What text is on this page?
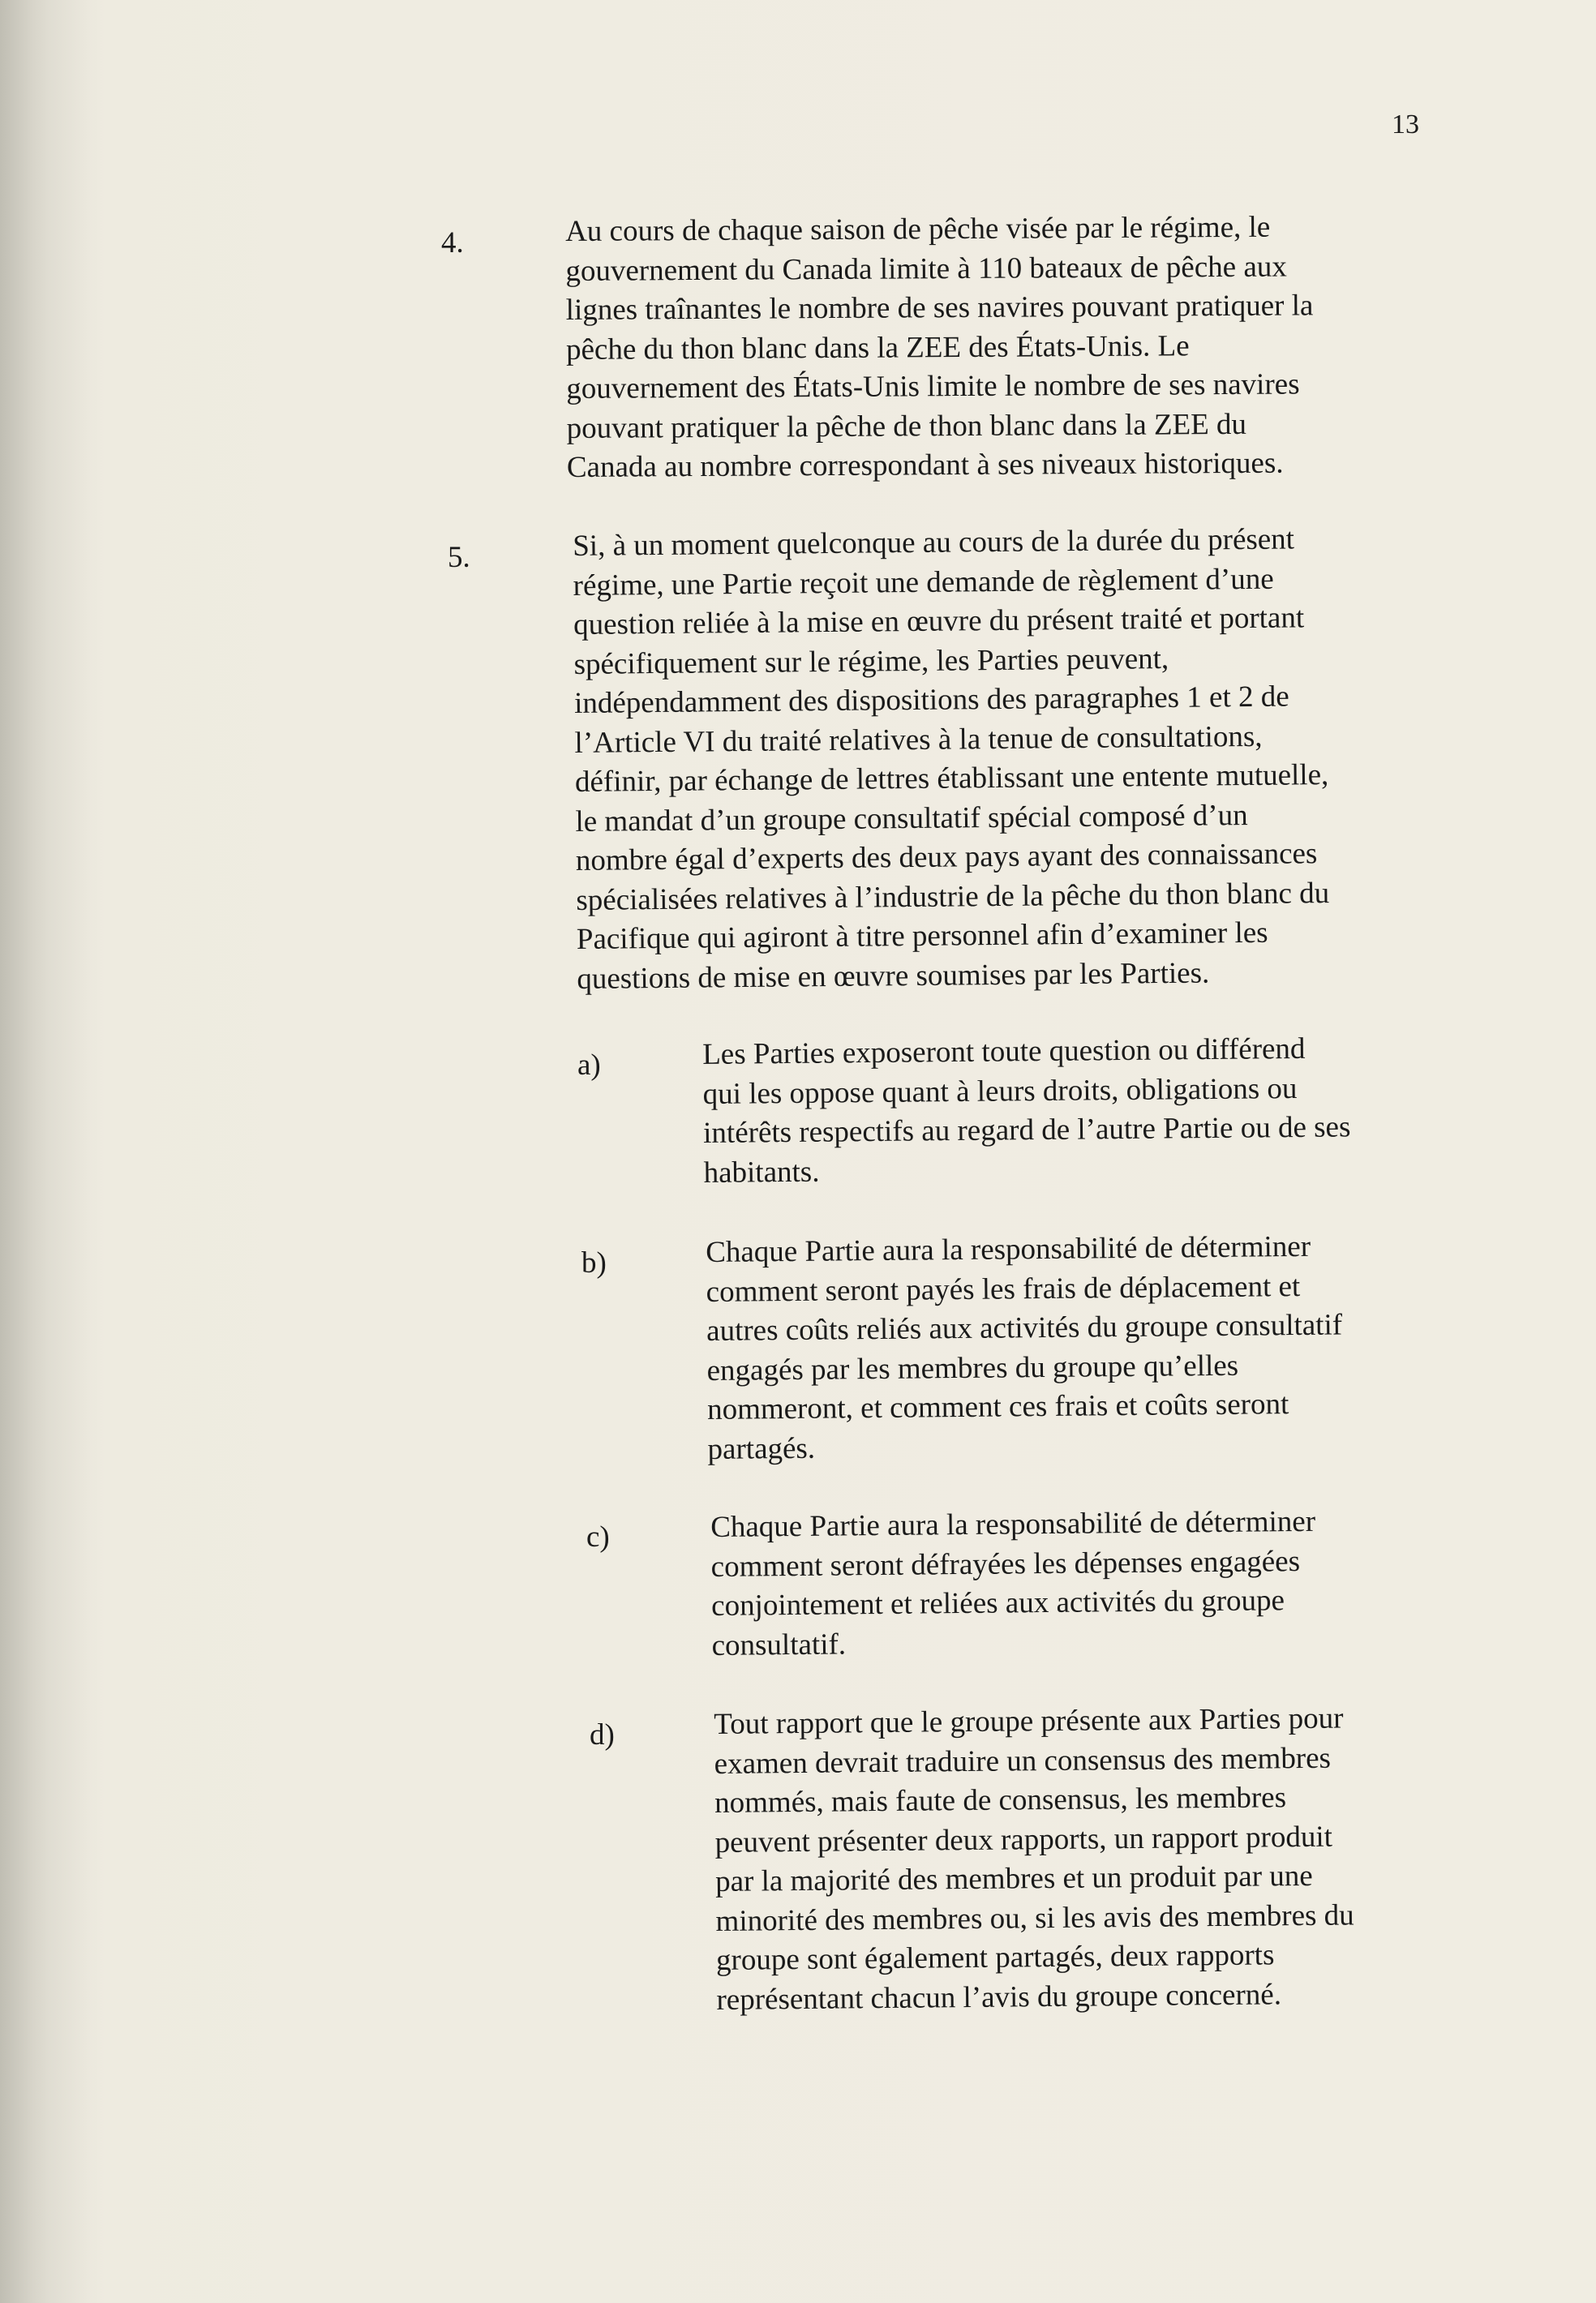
13
4.	Au cours de chaque saison de pêche visée par le régime, le
gouvernement du Canada limite à 110 bateaux de pêche aux
lignes traînantes le nombre de ses navires pouvant pratiquer la
pêche du thon blanc dans la ZEE des États-Unis. Le
gouvernement des États-Unis limite le nombre de ses navires
pouvant pratiquer la pêche de thon blanc dans la ZEE du
Canada au nombre correspondant à ses niveaux historiques.
5.	Si, à un moment quelconque au cours de la durée du présent
régime, une Partie reçoit une demande de règlement d’une
question reliée à la mise en œuvre du présent traité et portant
spécifiquement sur le régime, les Parties peuvent,
indépendamment des dispositions des paragraphes 1 et 2 de
l’Article VI du traité relatives à la tenue de consultations,
définir, par échange de lettres établissant une entente mutuelle,
le mandat d’un groupe consultatif spécial composé d’un
nombre égal d’experts des deux pays ayant des connaissances
spécialisées relatives à l’industrie de la pêche du thon blanc du
Pacifique qui agiront à titre personnel afin d’examiner les
questions de mise en œuvre soumises par les Parties.
a)	Les Parties exposeront toute question ou différend
qui les oppose quant à leurs droits, obligations ou
intérêts respectifs au regard de l’autre Partie ou de ses
habitants.
b)	Chaque Partie aura la responsabilité de déterminer
comment seront payés les frais de déplacement et
autres coûts reliés aux activités du groupe consultatif
engagés par les membres du groupe qu’elles
nommeront, et comment ces frais et coûts seront
partagés.
c)	Chaque Partie aura la responsabilité de déterminer
comment seront défrayées les dépenses engagées
conjointement et reliées aux activités du groupe
consultatif.
d)	Tout rapport que le groupe présente aux Parties pour
examen devrait traduire un consensus des membres
nommés, mais faute de consensus, les membres
peuvent présenter deux rapports, un rapport produit
par la majorité des membres et un produit par une
minorité des membres ou, si les avis des membres du
groupe sont également partagés, deux rapports
représentant chacun l’avis du groupe concerné.
